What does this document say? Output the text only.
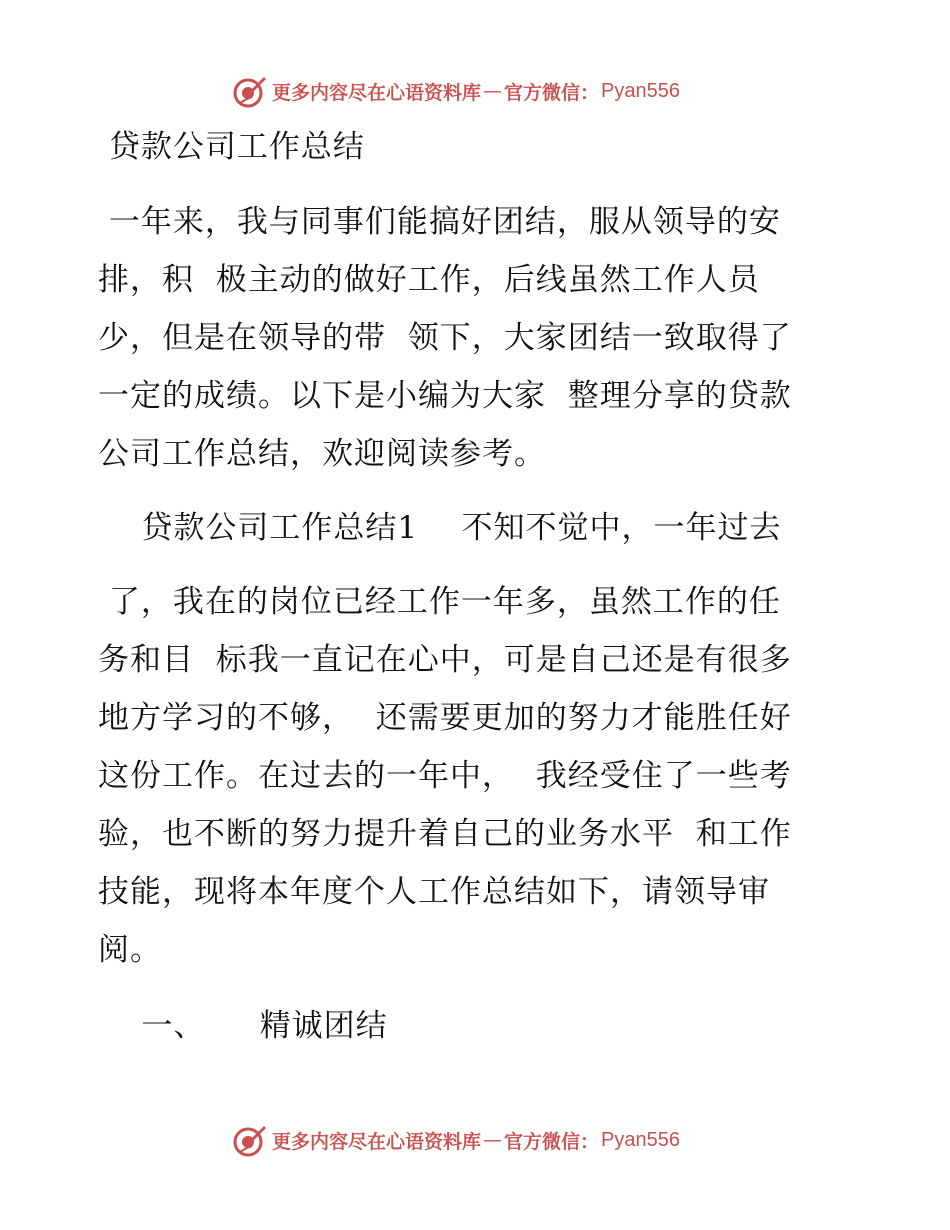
更多内容尽在心语资料库 — 官方微信： Pyan556
贷款公司工作总结
一年来，我与同事们能搞好团结，服从领导的安
排，积  极主动的做好工作，后线虽然工作人员
少，但是在领导的带  领下，大家团结一致取得了
一定的成绩。以下是小编为大家  整理分享的贷款
公司工作总结，欢迎阅读参考。
贷款公司工作总结1    不知不觉中，一年过去
了，我在的岗位已经工作一年多，虽然工作的任
务和目  标我一直记在心中，可是自己还是有很多
地方学习的不够，  还需要更加的努力才能胜任好
这份工作。在过去的一年中，  我经受住了一些考
验，也不断的努力提升着自己的业务水平  和工作
技能，现将本年度个人工作总结如下，请领导审
阅。
一、     精诚团结
更多内容尽在心语资料库 — 官方微信： Pyan556
